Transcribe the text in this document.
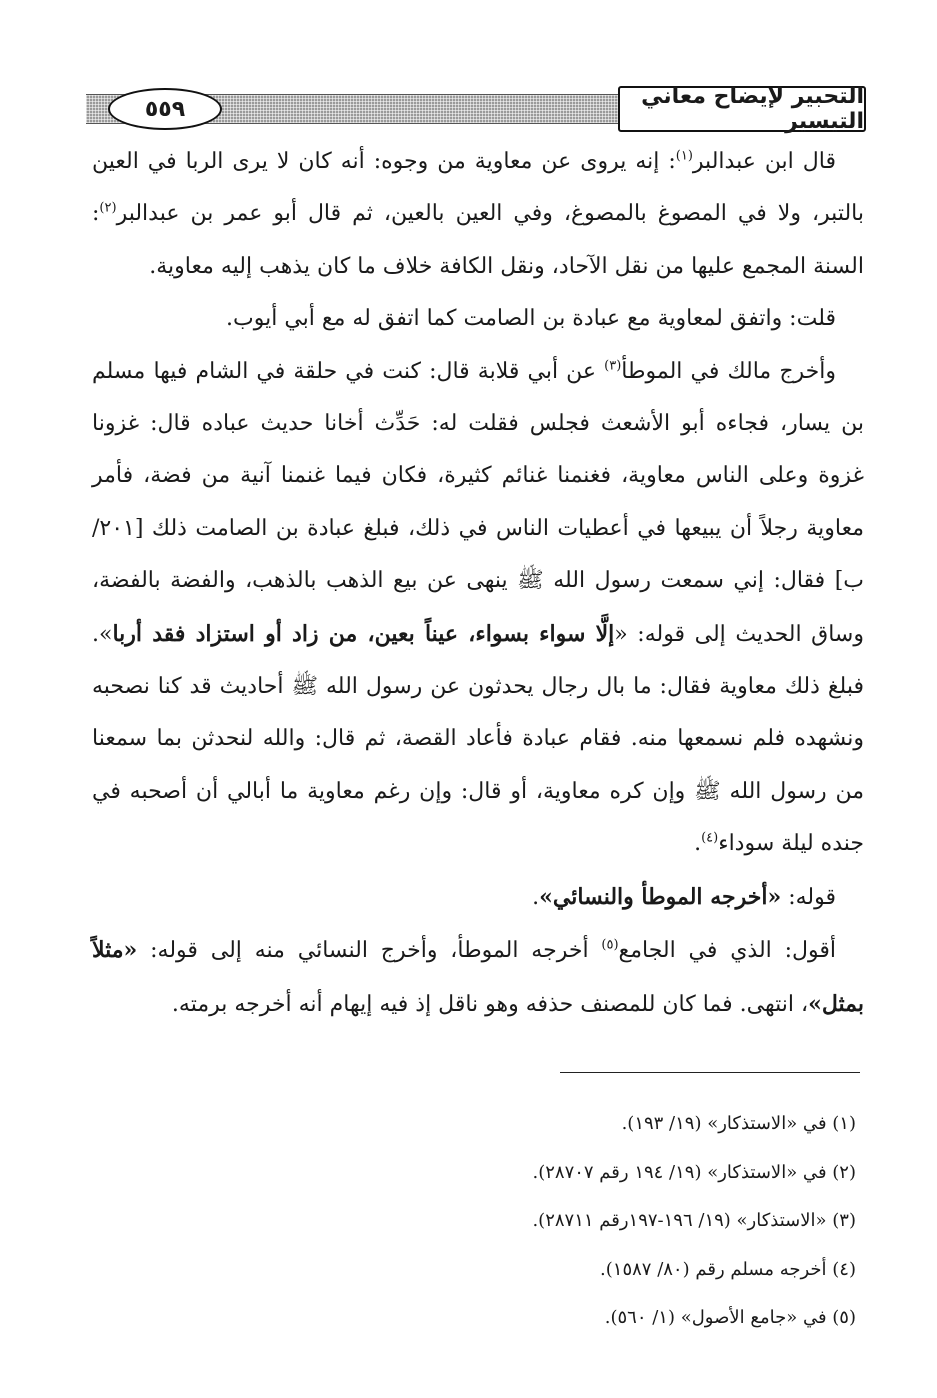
٥٥٩	التحبير لإيضاح معاني التيسير

قال ابن عبدالبر$^{(١)}$: إنه يروى عن معاوية من وجوه: أنه كان لا يرى الربا في العين بالتبر، ولا في المصوغ بالمصوغ، وفي العين بالعين، ثم قال أبو عمر بن عبدالبر$^{(٢)}$: السنة المجمع عليها من نقل الآحاد، ونقل الكافة خلاف ما كان يذهب إليه معاوية.

قلت: واتفق لمعاوية مع عبادة بن الصامت كما اتفق له مع أبي أيوب.

وأخرج مالك في الموطأ$^{(٣)}$ عن أبي قلابة قال: كنت في حلقة في الشام فيها مسلم بن يسار، فجاءه أبو الأشعث فجلس فقلت له: حَدِّث أخانا حديث عباده قال: غزونا غزوة وعلى الناس معاوية، فغنمنا غنائم كثيرة، فكان فيما غنمنا آنية من فضة، فأمر معاوية رجلاً أن يبيعها في أعطيات الناس في ذلك، فبلغ عبادة بن الصامت ذلك [٢٠١/ ب] فقال: إني سمعت رسول الله ﷺ ينهى عن بيع الذهب بالذهب، والفضة بالفضة، وساق الحديث إلى قوله: «إلَّا سواء بسواء، عيناً بعين، من زاد أو استزاد فقد أربا». فبلغ ذلك معاوية فقال: ما بال رجال يحدثون عن رسول الله ﷺ أحاديث قد كنا نصحبه ونشهده فلم نسمعها منه. فقام عبادة فأعاد القصة، ثم قال: والله لنحدثن بما سمعنا من رسول الله ﷺ وإن كره معاوية، أو قال: وإن رغم معاوية ما أبالي أن أصحبه في جنده ليلة سوداء$^{(٤)}$.

قوله: «أخرجه الموطأ والنسائي».

أقول: الذي في الجامع$^{(٥)}$ أخرجه الموطأ، وأخرج النسائي منه إلى قوله: «مثلاً بمثل»، انتهى. فما كان للمصنف حذفه وهو ناقل إذ فيه إيهام أنه أخرجه برمته.

(١) في «الاستذكار» (١٩/ ١٩٣).

(٢) في «الاستذكار» (١٩/ ١٩٤ رقم ٢٨٧٠٧).

(٣) «الاستذكار» (١٩/ ١٩٦-١٩٧رقم ٢٨٧١١).

(٤) أخرجه مسلم رقم (٨٠/ ١٥٨٧).

(٥) في «جامع الأصول» (١/ ٥٦٠).
